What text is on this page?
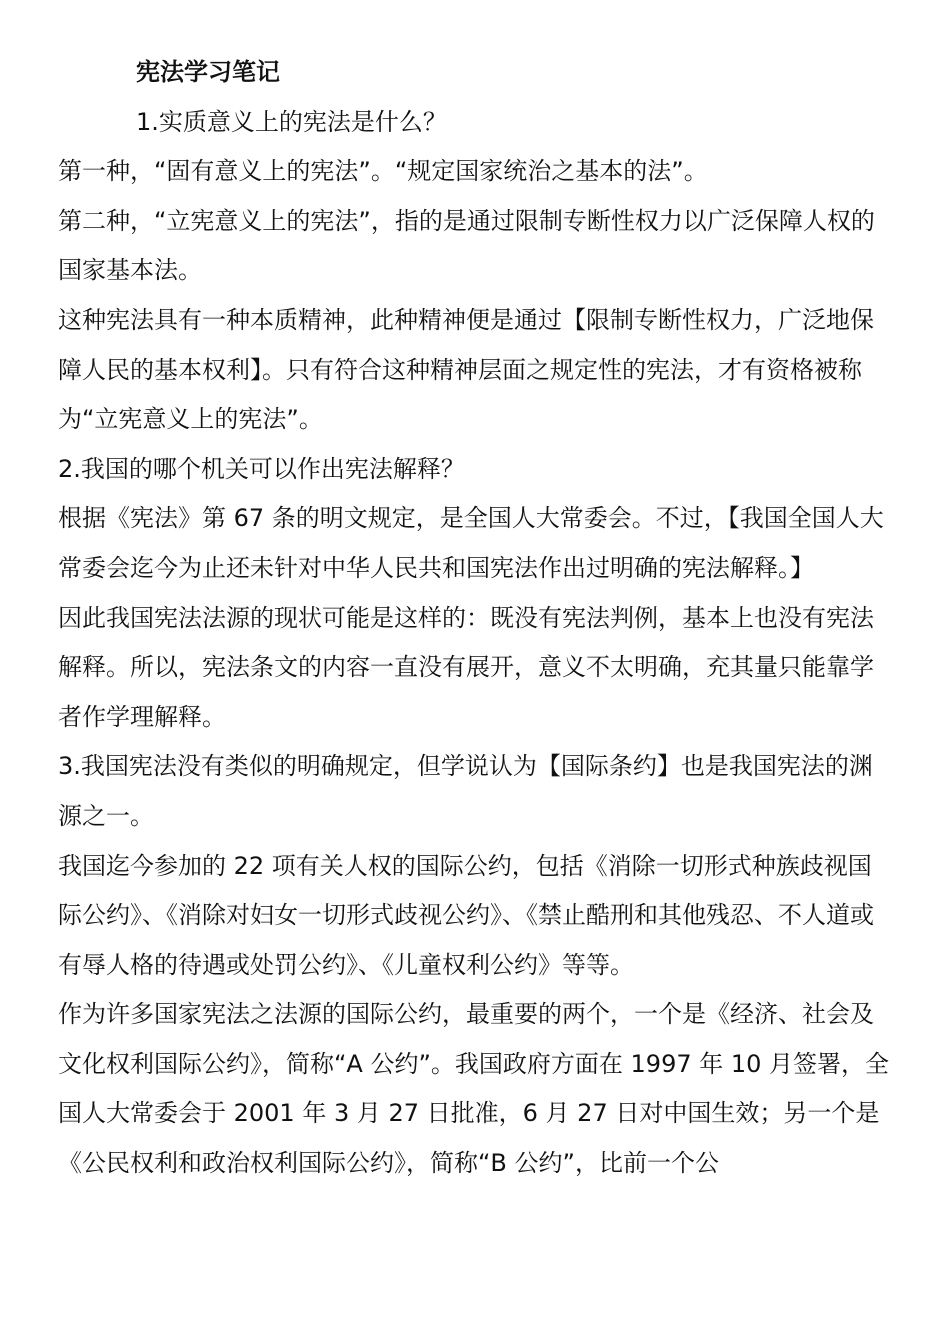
宪法学习笔记

1.实质意义上的宪法是什么？

第一种，“固有意义上的宪法”。“规定国家统治之基本的法”。

第二种，“立宪意义上的宪法”，指的是通过限制专断性权力以广泛保障人权的国家基本法。

这种宪法具有一种本质精神，此种精神便是通过【限制专断性权力，广泛地保障人民的基本权利】。只有符合这种精神层面之规定性的宪法，才有资格被称为“立宪意义上的宪法”。

2.我国的哪个机关可以作出宪法解释？

根据《宪法》第 67 条的明文规定，是全国人大常委会。不过，【我国全国人大常委会迄今为止还未针对中华人民共和国宪法作出过明确的宪法解释。】

因此我国宪法法源的现状可能是这样的：既没有宪法判例，基本上也没有宪法解释。所以，宪法条文的内容一直没有展开，意义不太明确，充其量只能靠学者作学理解释。

3.我国宪法没有类似的明确规定，但学说认为【国际条约】也是我国宪法的渊源之一。

我国迄今参加的 22 项有关人权的国际公约，包括《消除一切形式种族歧视国际公约》、《消除对妇女一切形式歧视公约》、《禁止酷刑和其他残忍、不人道或有辱人格的待遇或处罚公约》、《儿童权利公约》等等。

作为许多国家宪法之法源的国际公约，最重要的两个，一个是《经济、社会及文化权利国际公约》，简称“A 公约”。我国政府方面在 1997 年 10 月签署，全国人大常委会于 2001 年 3 月 27 日批准，6 月 27 日对中国生效；另一个是《公民权利和政治权利国际公约》，简称“B 公约”，比前一个公
